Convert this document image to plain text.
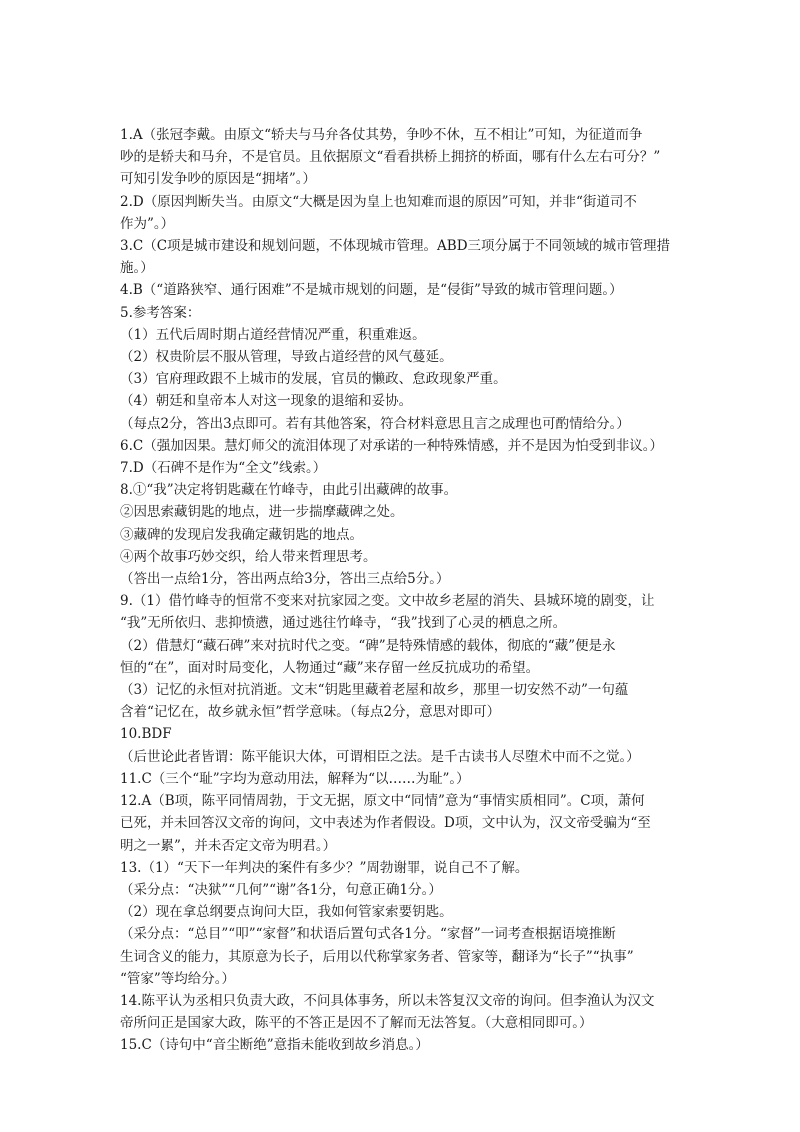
1.A（张冠李戴。由原文“轿夫与马弁各仗其势，争吵不休，互不相让”可知，为征道而争
吵的是轿夫和马弁，不是官员。且依据原文“看看拱桥上拥挤的桥面，哪有什么左右可分？”
可知引发争吵的原因是“拥堵”。）
2.D（原因判断失当。由原文“大概是因为皇上也知难而退的原因”可知，并非“街道司不
作为”。）
3.C（C项是城市建设和规划问题，不体现城市管理。ABD三项分属于不同领域的城市管理措
施。）
4.B（“道路狭窄、通行困难”不是城市规划的问题，是“侵街”导致的城市管理问题。）
5.参考答案：
（1）五代后周时期占道经营情况严重，积重难返。
（2）权贵阶层不服从管理，导致占道经营的风气蔓延。
（3）官府理政跟不上城市的发展，官员的懒政、怠政现象严重。
（4）朝廷和皇帝本人对这一现象的退缩和妥协。
（每点2分，答出3点即可。若有其他答案，符合材料意思且言之成理也可酌情给分。）
6.C（强加因果。慧灯师父的流泪体现了对承诺的一种特殊情感，并不是因为怕受到非议。）
7.D（石碑不是作为“全文”线索。）
8.①“我”决定将钥匙藏在竹峰寺，由此引出藏碑的故事。
②因思索藏钥匙的地点，进一步揣摩藏碑之处。
③藏碑的发现启发我确定藏钥匙的地点。
④两个故事巧妙交织，给人带来哲理思考。
（答出一点给1分，答出两点给3分，答出三点给5分。）
9.（1）借竹峰寺的恒常不变来对抗家园之变。文中故乡老屋的消失、县城环境的剧变，让
“我”无所依归、悲抑愤懑，通过逃往竹峰寺，“我”找到了心灵的栖息之所。
（2）借慧灯“藏石碑”来对抗时代之变。“碑”是特殊情感的载体，彻底的“藏”便是永
恒的“在”，面对时局变化，人物通过“藏”来存留一丝反抗成功的希望。
（3）记忆的永恒对抗消逝。文末“钥匙里藏着老屋和故乡，那里一切安然不动”一句蕴
含着“记忆在，故乡就永恒”哲学意味。（每点2分，意思对即可）
10.BDF
（后世论此者皆谓：陈平能识大体，可谓相臣之法。是千古读书人尽堕术中而不之觉。）
11.C（三个“耻”字均为意动用法，解释为“以……为耻”。）
12.A（B项，陈平同情周勃，于文无据，原文中“同情”意为“事情实质相同”。C项，萧何
已死，并未回答汉文帝的询问，文中表述为作者假设。D项，文中认为，汉文帝受骗为“至
明之一累”，并未否定文帝为明君。）
13.（1）“天下一年判决的案件有多少？”周勃谢罪，说自己不了解。
（采分点：“决狱”“几何”“谢”各1分，句意正确1分。）
（2）现在拿总纲要点询问大臣，我如何管家索要钥匙。
（采分点：“总目”“叩”“家督”和状语后置句式各1分。“家督”一词考查根据语境推断
生词含义的能力，其原意为长子，后用以代称掌家务者、管家等，翻译为“长子”“执事”
“管家”等均给分。）
14.陈平认为丞相只负责大政，不问具体事务，所以未答复汉文帝的询问。但李渔认为汉文
帝所问正是国家大政，陈平的不答正是因不了解而无法答复。（大意相同即可。）
15.C（诗句中“音尘断绝”意指未能收到故乡消息。）
